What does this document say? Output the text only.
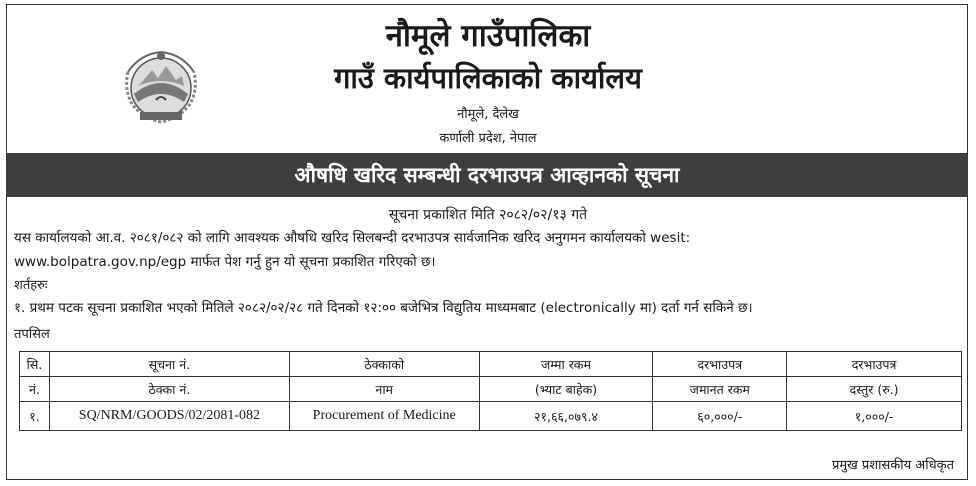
नौमूले गाउँपालिका
गाउँ कार्यपालिकाको कार्यालय
नौमूले, दैलेख
कर्णाली प्रदेश, नेपाल
औषधि खरिद सम्बन्धी दरभाउपत्र आव्हानको सूचना
सूचना प्रकाशित मिति २०८२/०२/१३ गते
यस कार्यालयको आ.व. २०८१/०८२ को लागि आवश्यक औषधि खरिद सिलबन्दी दरभाउपत्र सार्वजानिक खरिद अनुगमन कार्यालयको wesit:
www.bolpatra.gov.np/egp मार्फत पेश गर्नु हुन यो सूचना प्रकाशित गरिएको छ।
शर्तहरुः
१. प्रथम पटक सूचना प्रकाशित भएको मितिले २०८२/०२/२८ गते दिनको १२:०० बजेभित्र विद्युतिय माध्यमबाट (electronically मा) दर्ता गर्न सकिने छ।
तपसिल
सि.	सूचना नं.	ठेक्काको	जम्मा रकम	दरभाउपत्र	दरभाउपत्र
नं.	ठेक्का नं.	नाम	(भ्याट बाहेक)	जमानत रकम	दस्तुर (रु.)
१.	SQ/NRM/GOODS/02/2081-082	Procurement of Medicine	२१,६६,०७९.४	६०,०००/-	१,०००/-
प्रमुख प्रशासकीय अधिकृत
